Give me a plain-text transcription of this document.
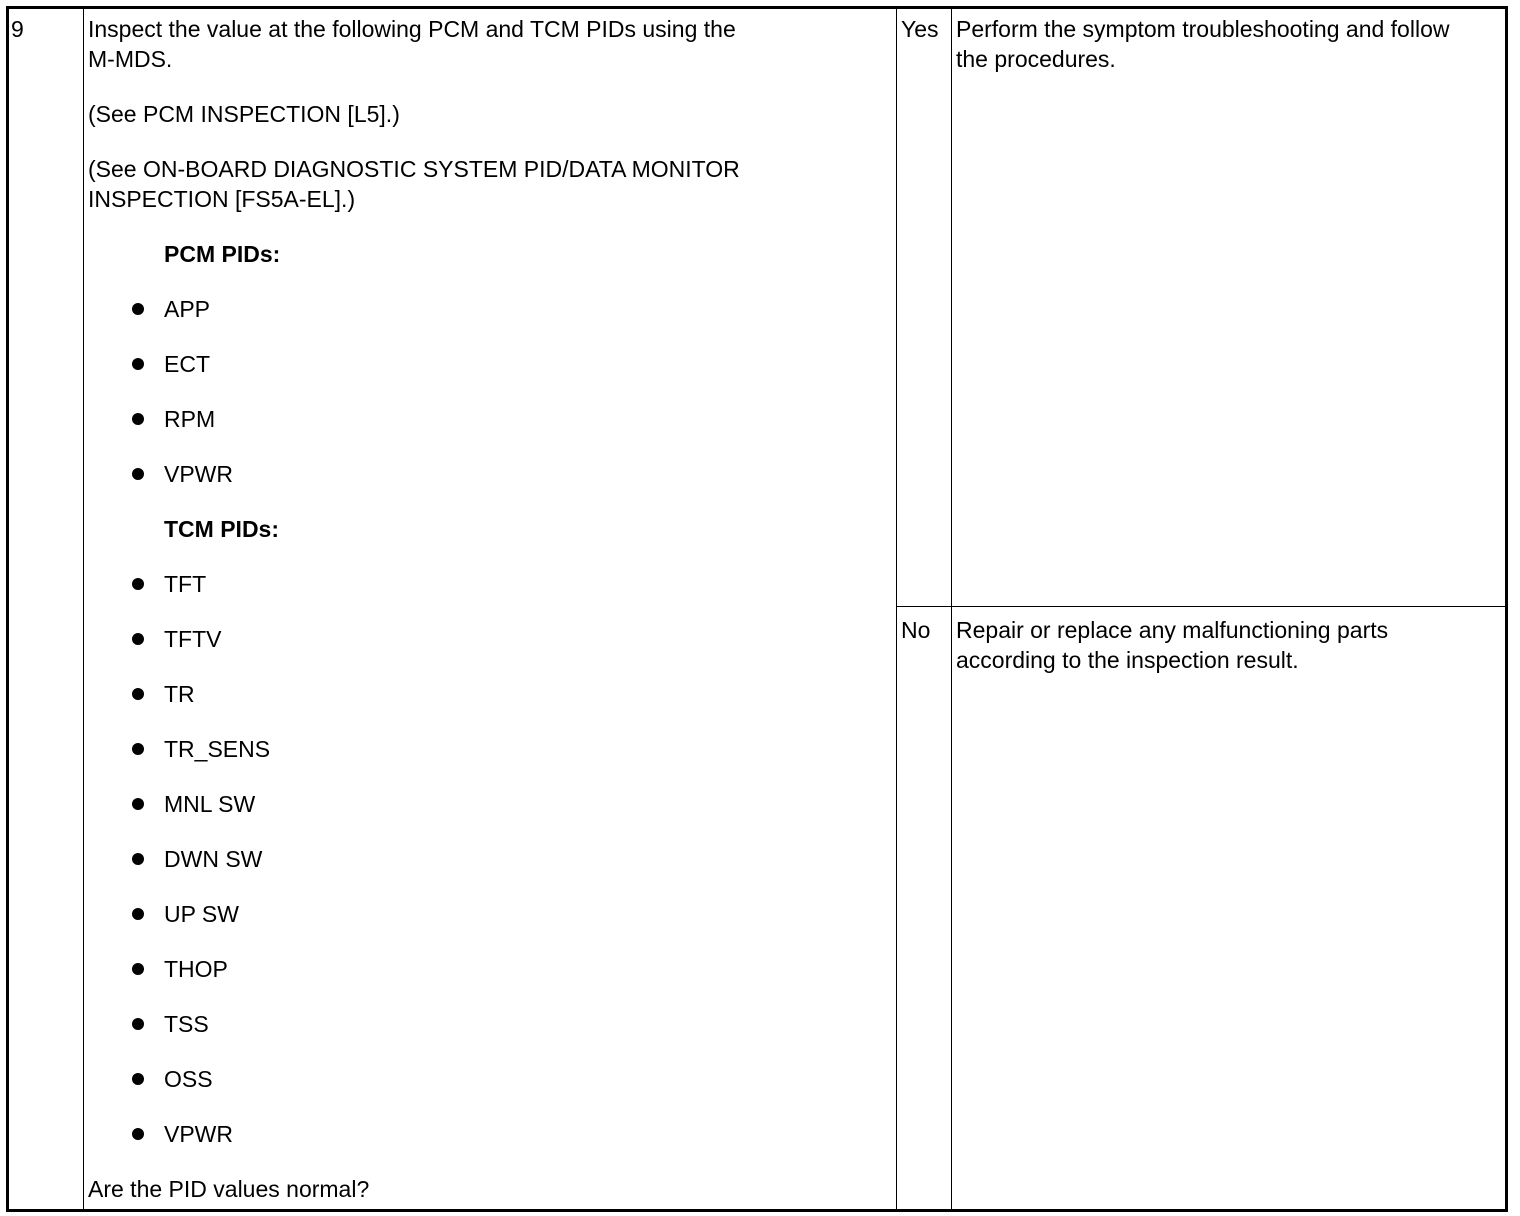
9	Inspect the value at the following PCM and TCM PIDs using the
M-MDS.
(See PCM INSPECTION [L5].)
(See ON-BOARD DIAGNOSTIC SYSTEM PID/DATA MONITOR
INSPECTION [FS5A-EL].)
PCM PIDs:
APP
ECT
RPM
VPWR
TCM PIDs:
TFT
TFTV
TR
TR_SENS
MNL SW
DWN SW
UP SW
THOP
TSS
OSS
VPWR
Are the PID values normal?
Yes Perform the symptom troubleshooting and follow
the procedures.
No Repair or replace any malfunctioning parts
according to the inspection result.
